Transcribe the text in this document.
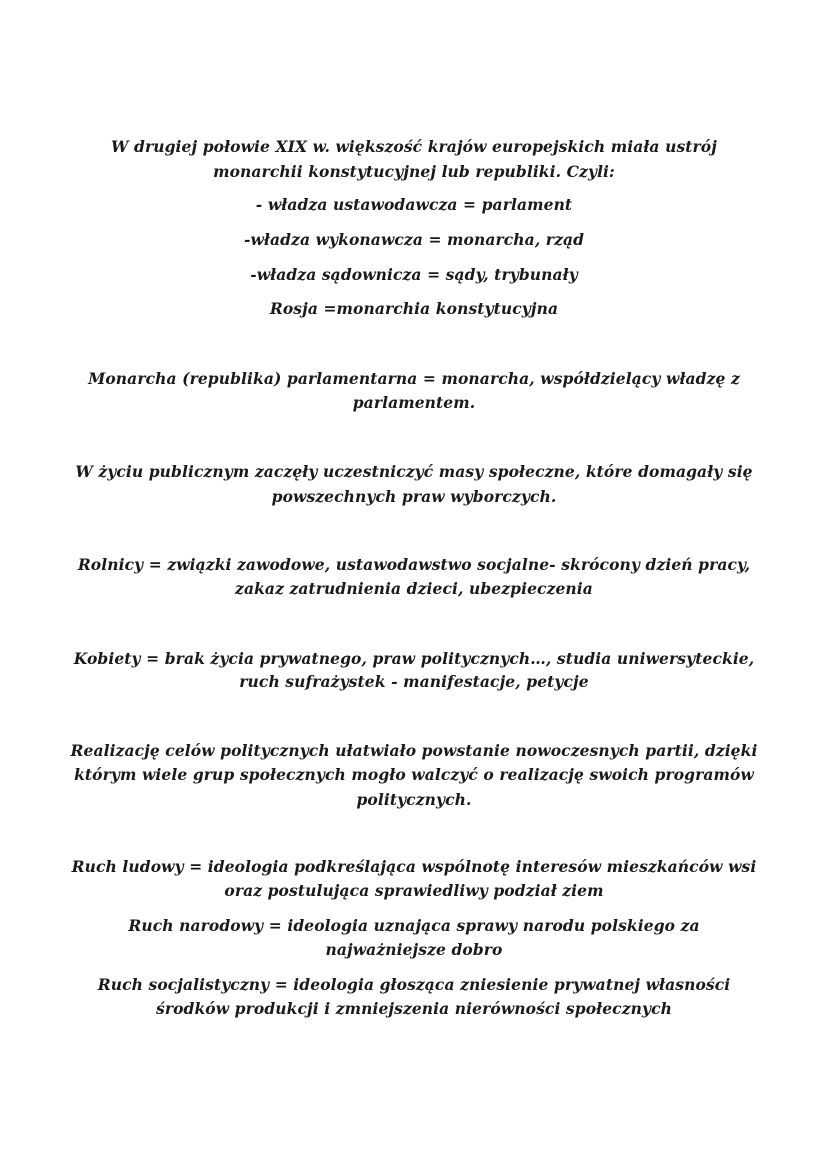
W drugiej połowie XIX w. większość krajów europejskich miała ustrój
monarchii konstytucyjnej lub republiki. Czyli:
- władza ustawodawcza = parlament
-władza wykonawcza = monarcha, rząd
-władza sądownicza = sądy, trybunały
Rosja =monarchia konstytucyjna
Monarcha (republika) parlamentarna = monarcha, współdzielący władzę z
parlamentem.
W życiu publicznym zaczęły uczestniczyć masy społeczne, które domagały się
powszechnych praw wyborczych.
Rolnicy = związki zawodowe, ustawodawstwo socjalne- skrócony dzień pracy,
zakaz zatrudnienia dzieci, ubezpieczenia
Kobiety = brak życia prywatnego, praw politycznych…, studia uniwersyteckie,
ruch sufrażystek - manifestacje, petycje
Realizację celów politycznych ułatwiało powstanie nowoczesnych partii, dzięki
którym wiele grup społecznych mogło walczyć o realizację swoich programów
politycznych.
Ruch ludowy = ideologia podkreślająca wspólnotę interesów mieszkańców wsi
oraz postulująca sprawiedliwy podział ziem
Ruch narodowy = ideologia uznająca sprawy narodu polskiego za
najważniejsze dobro
Ruch socjalistyczny = ideologia głosząca zniesienie prywatnej własności
środków produkcji i zmniejszenia nierówności społecznych
